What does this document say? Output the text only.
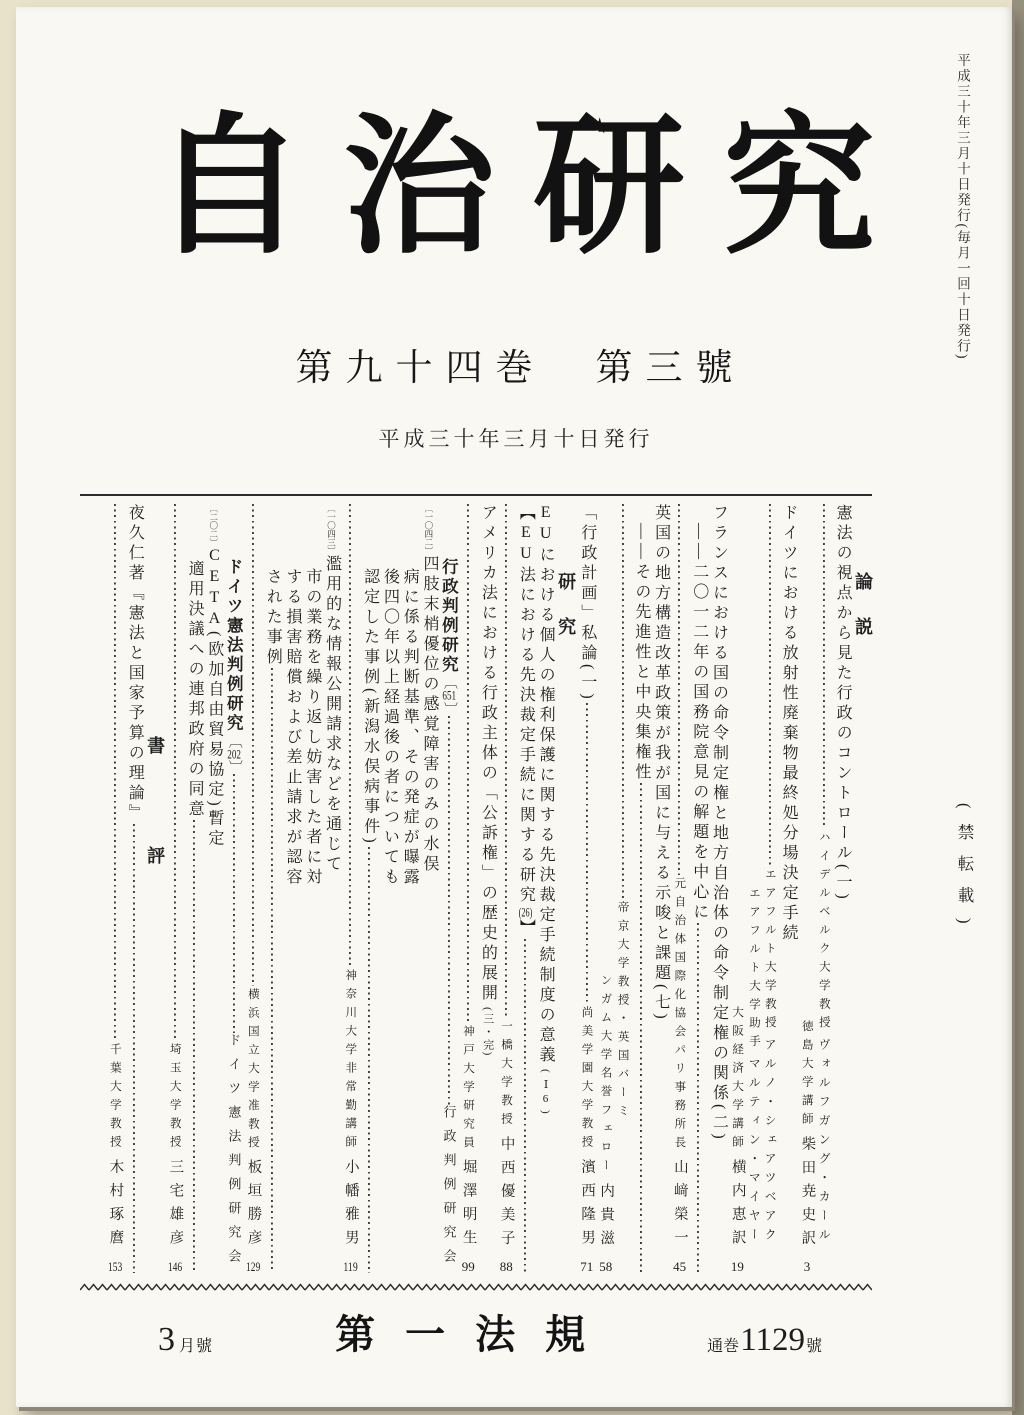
平成三十年三月十日発行(毎月一回十日発行)
(禁転載)
自治研究
第九十四巻　第三號
平成三十年三月十日発行
論説
憲法の視点から見た行政のコントロール(一)
ハイデルベルク大学教授
ヴォルフガング・カール
徳島大学講師
柴田尭史訳
3
ドイツにおける放射性廃棄物最終処分場決定手続
エアフルト大学教授
アルノ・シェアツベアク
エアフルト大学助手
マルティン・マイヤー
大阪経済大学講師
横内恵訳
19
フランスにおける国の命令制定権と地方自治体の命令制定権の関係(二)
——二〇一二年の国務院意見の解題を中心に
元自治体国際化協会パリ事務所長
山﨑榮一
45
英国の地方構造改革政策が我が国に与える示唆と課題(七)
——その先進性と中央集権性
帝京大学教授・英国バーミ
ンガム大学名誉フェロー
内貴滋
58
「行政計画」私論(一)
尚美学園大学教授
濱西隆男
71
研究
EU
における個人の権利保護に関する先決裁定手続制度の意義
(
Ⅰ6
)
【
EU
法における先決裁定手続に関する研究
(26)
】
一橋大学教授
中西優美子
88
アメリカ法における行政主体の「公訴権」の歴史的展開
(三・完)
神戸大学研究員
堀澤明生
99
行政判例研究
〔
651
〕
行政判例研究会
〔一〇四二〕
四肢末梢優位の感覚障害のみの水俣
病に係る判断基準、その発症が曝露
後四〇年以上経過後の者についても
認定した事例(新潟水俣病事件)
神奈川大学非常勤講師
小幡雅男
119
〔一〇四三〕
濫用的な情報公開請求などを通じて
市の業務を繰り返し妨害した者に対
する損害賠償および差止請求が認容
された事例
横浜国立大学准教授
板垣勝彦
129
ドイツ憲法判例研究
〔
202
〕
ドイツ憲法判例研究会
〔二〇二〕
CETA
(欧加自由貿易協定)暫定
適用決議への連邦政府の同意
埼玉大学教授
三宅雄彦
146
書評
夜久仁著『憲法と国家予算の理論』
千葉大学教授
木村琢麿
153
3 月號	第一法規	通巻 1129 號
